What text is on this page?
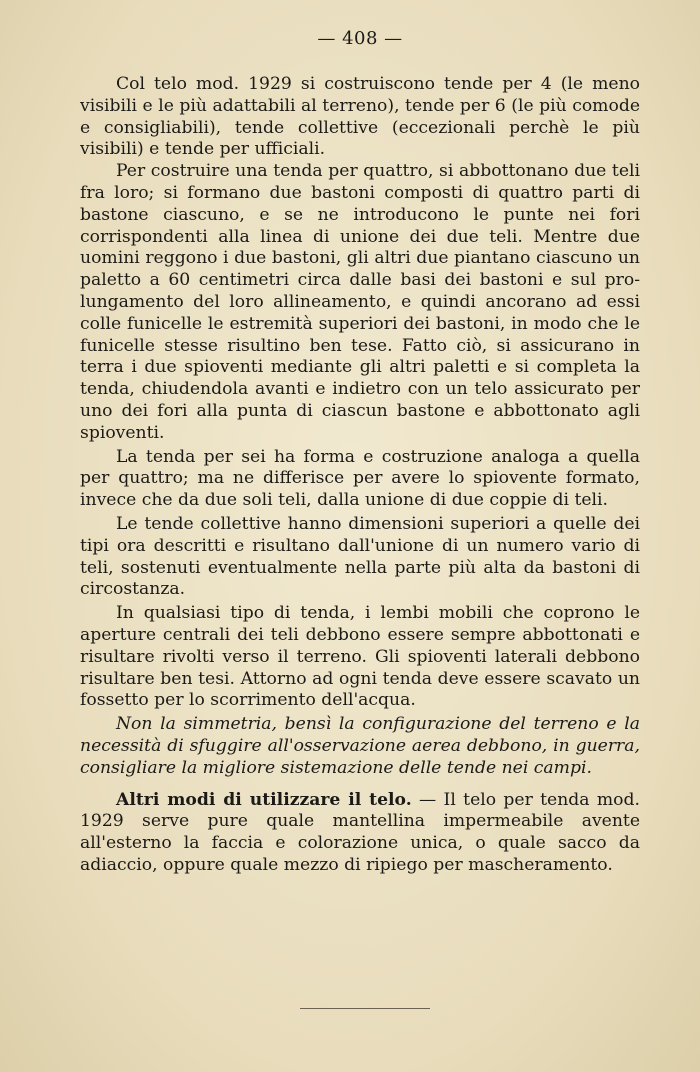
— 408 —

Col telo mod. 1929 si costruiscono tende per 4 (le meno visibili e le più adattabili al terreno), tende per 6 (le più comode e consigliabili), tende collettive (eccezionali perchè le più visibili) e tende per ufficiali.

Per costruire una tenda per quattro, si abbottonano due teli fra loro; si formano due bastoni composti di quattro parti di bastone ciascuno, e se ne introducono le punte nei fori corrispondenti alla linea di unione dei due teli. Mentre due uomini reggono i due bastoni, gli altri due piantano ciascuno un paletto a 60 centimetri circa dalle basi dei bastoni e sul prolungamento del loro allineamento, e quindi ancorano ad essi colle funicelle le estremità superiori dei bastoni, in modo che le funicelle stesse risultino ben tese. Fatto ciò, si assicurano in terra i due spioventi mediante gli altri paletti e si completa la tenda, chiudendola avanti e indietro con un telo assicurato per uno dei fori alla punta di ciascun bastone e abbottonato agli spioventi.

La tenda per sei ha forma e costruzione analoga a quella per quattro; ma ne differisce per avere lo spiovente formato, invece che da due soli teli, dalla unione di due coppie di teli.

Le tende collettive hanno dimensioni superiori a quelle dei tipi ora descritti e risultano dall'unione di un numero vario di teli, sostenuti eventualmente nella parte più alta da bastoni di circostanza.

In qualsiasi tipo di tenda, i lembi mobili che coprono le aperture centrali dei teli debbono essere sempre abbottonati e risultare rivolti verso il terreno. Gli spioventi laterali debbono risultare ben tesi. Attorno ad ogni tenda deve essere scavato un fossetto per lo scorrimento dell'acqua.

Non la simmetria, bensì la configurazione del terreno e la necessità di sfuggire all'osservazione aerea debbono, in guerra, consigliare la migliore sistemazione delle tende nei campi.

Altri modi di utilizzare il telo. — Il telo per tenda mod. 1929 serve pure quale mantellina impermeabile avente all'esterno la faccia e colorazione unica, o quale sacco da adiaccio, oppure quale mezzo di ripiego per mascheramento.
